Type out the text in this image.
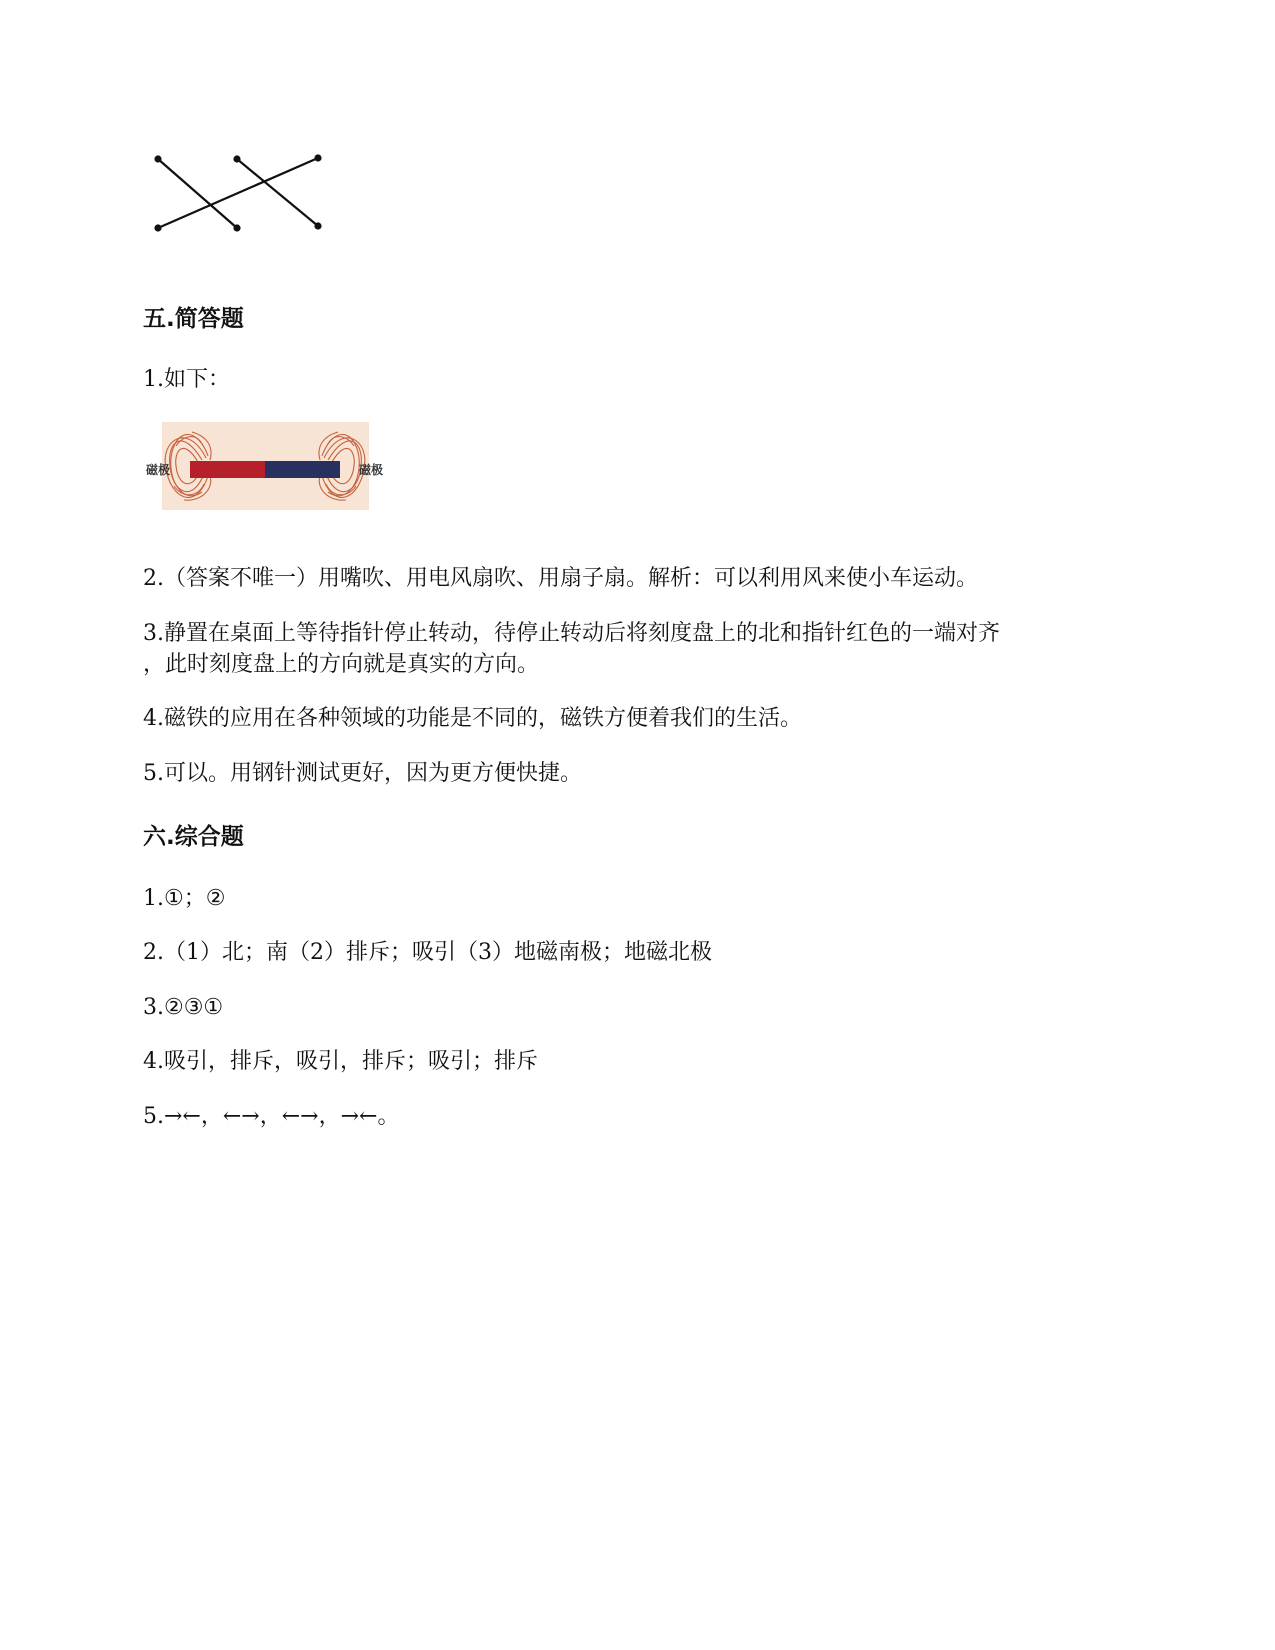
五.简答题
1.如下：
磁极	磁极
2.（答案不唯一）用嘴吹、用电风扇吹、用扇子扇。解析：可以利用风来使小车运动。
3.静置在桌面上等待指针停止转动，待停止转动后将刻度盘上的北和指针红色的一端对齐
，此时刻度盘上的方向就是真实的方向。
4.磁铁的应用在各种领域的功能是不同的，磁铁方便着我们的生活。
5.可以。用钢针测试更好，因为更方便快捷。
六.综合题
1.①；②
2.（1）北；南（2）排斥；吸引（3）地磁南极；地磁北极
3.②③①
4.吸引，排斥，吸引，排斥；吸引；排斥
5.→←，←→，←→，→←。
